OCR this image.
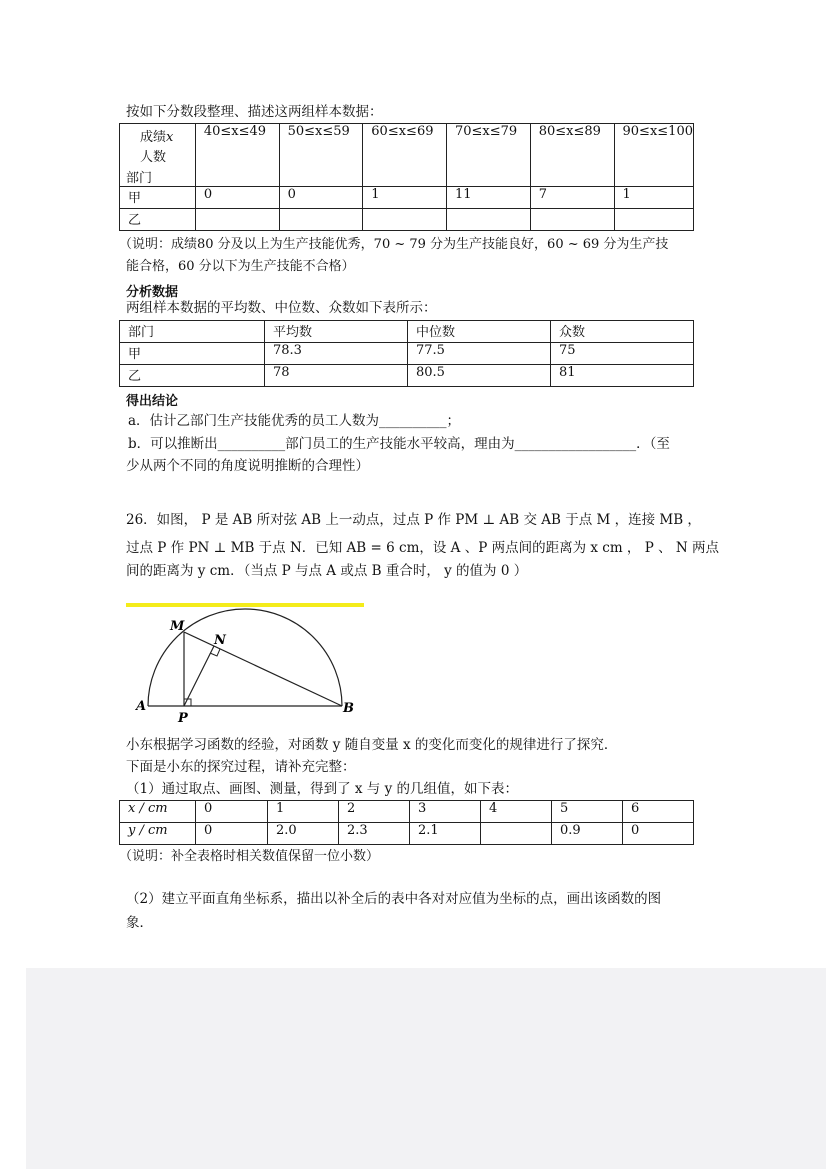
按如下分数段整理、描述这两组样本数据：
成绩x
人数
部门	40≤x≤49	50≤x≤59	60≤x≤69	70≤x≤79	80≤x≤89	90≤x≤100
甲	0	0	1	11	7	1
乙						
（说明：成绩80 分及以上为生产技能优秀，70 ~ 79 分为生产技能良好，60 ~ 69 分为生产技
能合格，60 分以下为生产技能不合格）
分析数据
两组样本数据的平均数、中位数、众数如下表所示：
部门	平均数	中位数	众数
甲	78.3	77.5	75
乙	78	80.5	81
得出结论
a．估计乙部门生产技能优秀的员工人数为__________；
b．可以推断出__________部门员工的生产技能水平较高，理由为__________________．（至
少从两个不同的角度说明推断的合理性）
26．如图， P 是 AB 所对弦 AB 上一动点，过点 P 作 PM ⊥ AB 交 AB 于点 M ，连接 MB ，
过点 P 作 PN ⊥ MB 于点 N．已知 AB = 6 cm，设 A 、P 两点间的距离为 x cm ， P 、 N 两点
间的距离为 y cm．（当点 P 与点 A 或点 B 重合时， y 的值为 0 ）
M
N
A
P
B
小东根据学习函数的经验，对函数 y 随自变量 x 的变化而变化的规律进行了探究．
下面是小东的探究过程，请补充完整：
（1）通过取点、画图、测量，得到了 x 与 y 的几组值，如下表：
x / cm	0	1	2	3	4	5	6
y / cm	0	2.0	2.3	2.1		0.9	0
（说明：补全表格时相关数值保留一位小数）
（2）建立平面直角坐标系，描出以补全后的表中各对对应值为坐标的点，画出该函数的图
象．
